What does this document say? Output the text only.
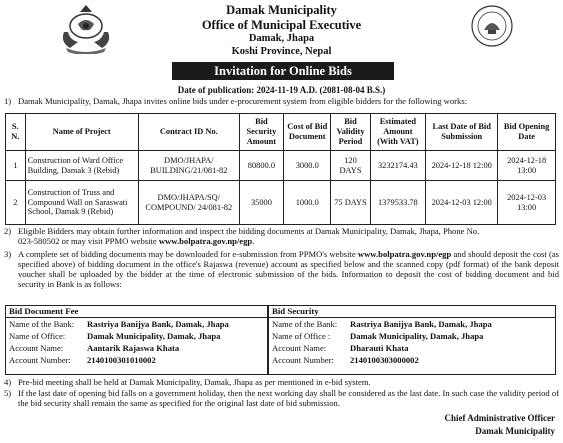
Damak Municipality
Office of Municipal Executive
Damak, Jhapa
Koshi Province, Nepal
Invitation for Online Bids
Date of publication: 2024-11-19 A.D. (2081-08-04 B.S.)
1) Damak Municipality, Damak, Jhapa invites online bids under e-procurement system from eligible bidders for the following works:
S. N.	Name of Project	Contract ID No.	Bid Security Amount	Cost of Bid Document	Bid Validity Period	Estimated Amount (With VAT)	Last Date of Bid Submission	Bid Opening Date
1	Construction of Ward Office Building, Damak 3 (Rebid)	DMO/JHAPA/ BUILDING/21/081-82	80800.0	3000.0	120 DAYS	3232174.43	2024-12-18 12:00	2024-12-18 13:00
2	Construction of Truss and Compound Wall on Saraswati School, Damak 9 (Rebid)	DMO/JHAPA/SQ/ COMPOUND/ 24/081-82	35000	1000.0	75 DAYS	1379533.78	2024-12-03 12:00	2024-12-03 13:00
2) Eligible Bidders may obtain further information and inspect the bidding documents at Damak Municipality, Damak, Jhapa, Phone No.
023-580502 or may visit PPMO website www.bolpatra.gov.np/egp.
3) A complete set of bidding documents may be downloaded for e-submission from PPMO's website www.bolpatra.gov.np/egp and should deposit the cost (as specified above) of bidding document in the office's Rajaswa (revenue) account as specified below and the scanned copy (pdf format) of the bank deposit voucher shall be uploaded by the bidder at the time of electronic submission of the bids. Information to deposit the cost of bidding document and bid security in Bank is as follows:
Bid Document Fee
Name of the Bank: Rastriya Banijya Bank, Damak, Jhapa
Name of Office:	Damak Municipality, Damak, Jhapa
Account Name:	Aantarik Rajaswa Khata
Account Number: 2140100301010002
Bid Security
Name of the Bank: Rastriya Banijya Bank, Damak, Jhapa
Name of Office : Damak Municipality, Damak, Jhapa
Account Name:	Dharauti Khata
Account Number: 2140100303000002
4) Pre-bid meeting shall be held at Damak Municipality, Damak, Jhapa as per mentioned in e-bid system.
5) If the last date of opening bid falls on a government holiday, then the next working day shall be considered as the last date. In such case the validity period of the bid security shall remain the same as specified for the original last date of bid submission.
Chief Administrative Officer
Damak Municipality
